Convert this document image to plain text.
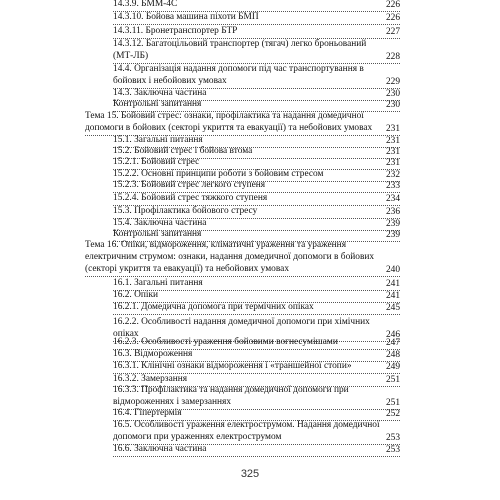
14.3.9. БММ-4С	226
14.3.10. Бойова машина піхоти БМП	226
14.3.11. Бронетранспортер БТР	227
14.3.12. Багатоцільовий транспортер (тягач) легко броньований
(МТ-ЛБ)	228
14.4. Організація надання допомоги під час транспортування в
бойових і небойових умовах	229
14.3. Заключна частина	230
Контрольні запитання	230
Тема 15. Бойовий стрес: ознаки, профілактика та надання домедичної
допомоги в бойових (секторі укриття та евакуації) та небойових умовах	231
15.1. Загальні питання	231
15.2. Бойовий стрес і бойова втома	231
15.2.1. Бойовий стрес	231
15.2.2. Основні принципи роботи з бойовим стресом	232
15.2.3. Бойовий стрес легкого ступеня	233
15.2.4. Бойовий стрес тяжкого ступеня	234
15.3. Профілактика бойового стресу	236
15.4. Заключна частина	239
Контрольні запитання	239
Тема 16. Опіки, відмороження, кліматичні ураження та ураження
електричним струмом: ознаки, надання домедичної допомоги в бойових
(секторі укриття та евакуації) та небойових умовах	240
16.1. Загальні питання	241
16.2. Опіки	241
16.2.1. Домедична допомога при термічних опіках	245
16.2.2. Особливості надання домедичної допомоги при хімічних
опіках	246
16.2.3. Особливості ураження бойовими вогнесумішами	247
16.3. Відмороження	248
16.3.1. Клінічні ознаки відмороження і «траншейної стопи»	249
16.3.2. Замерзання	251
16.3.3. Профілактика та надання домедичної допомоги при
відмороженнях і замерзаннях	251
16.4. Гіпертермія	252
16.5. Особливості ураження електрострумом. Надання домедичної
допомоги при ураженнях електрострумом	253
16.6. Заключна частина	253
325
